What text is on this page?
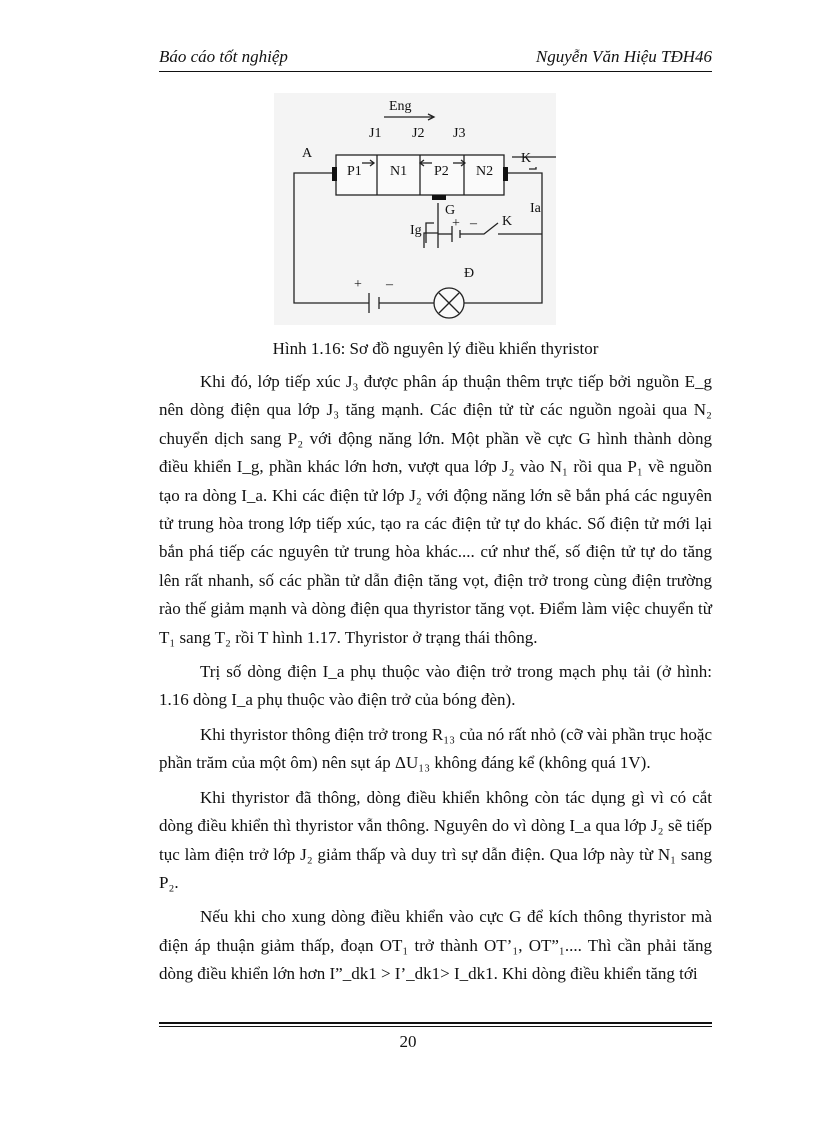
Báo cáo tốt nghiệp	Nguyễn Văn Hiệu TĐH46
Eng
J1 J2 J3
A	K
P1 N1 P2 N2
G	Ia
Ig
K
+ –
+ –
Đ
Hình 1.16: Sơ đồ nguyên lý điều khiển thyristor

Khi đó, lớp tiếp xúc J₃ được phân áp thuận thêm trực tiếp bởi nguồn E_g nên dòng điện qua lớp J₃ tăng mạnh. Các điện tử từ các nguồn ngoài qua N₂ chuyển dịch sang P₂ với động năng lớn. Một phần về cực G hình thành dòng điều khiển I_g, phần khác lớn hơn, vượt qua lớp J₂ vào N₁ rồi qua P₁ về nguồn tạo ra dòng I_a. Khi các điện tử lớp J₂ với động năng lớn sẽ bắn phá các nguyên tử trung hòa trong lớp tiếp xúc, tạo ra các điện tử tự do khác. Số điện tử mới lại bắn phá tiếp các nguyên tử trung hòa khác.... cứ như thế, số điện tử tự do tăng lên rất nhanh, số các phần tử dẫn điện tăng vọt, điện trở trong cùng điện trường rào thế giảm mạnh và dòng điện qua thyristor tăng vọt. Điểm làm việc chuyển từ T₁ sang T₂ rồi T hình 1.17. Thyristor ở trạng thái thông.

Trị số dòng điện I_a phụ thuộc vào điện trở trong mạch phụ tải (ở hình: 1.16 dòng I_a phụ thuộc vào điện trở của bóng đèn).

Khi thyristor thông điện trở trong R₁₃ của nó rất nhỏ (cỡ vài phần trục hoặc phần trăm của một ôm) nên sụt áp ΔU₁₃ không đáng kể (không quá 1V).

Khi thyristor đã thông, dòng điều khiển không còn tác dụng gì vì có cắt dòng điều khiển thì thyristor vẫn thông. Nguyên do vì dòng I_a qua lớp J₂ sẽ tiếp tục làm điện trở lớp J₂ giảm thấp và duy trì sự dẫn điện. Qua lớp này từ N₁ sang P₂.

Nếu khi cho xung dòng điều khiển vào cực G để kích thông thyristor mà điện áp thuận giảm thấp, đoạn OT₁ trở thành OT’₁, OT”₁.... Thì cần phải tăng dòng điều khiển lớn hơn I”_dk1 > I’_dk1> I_dk1. Khi dòng điều khiển tăng tới

20
